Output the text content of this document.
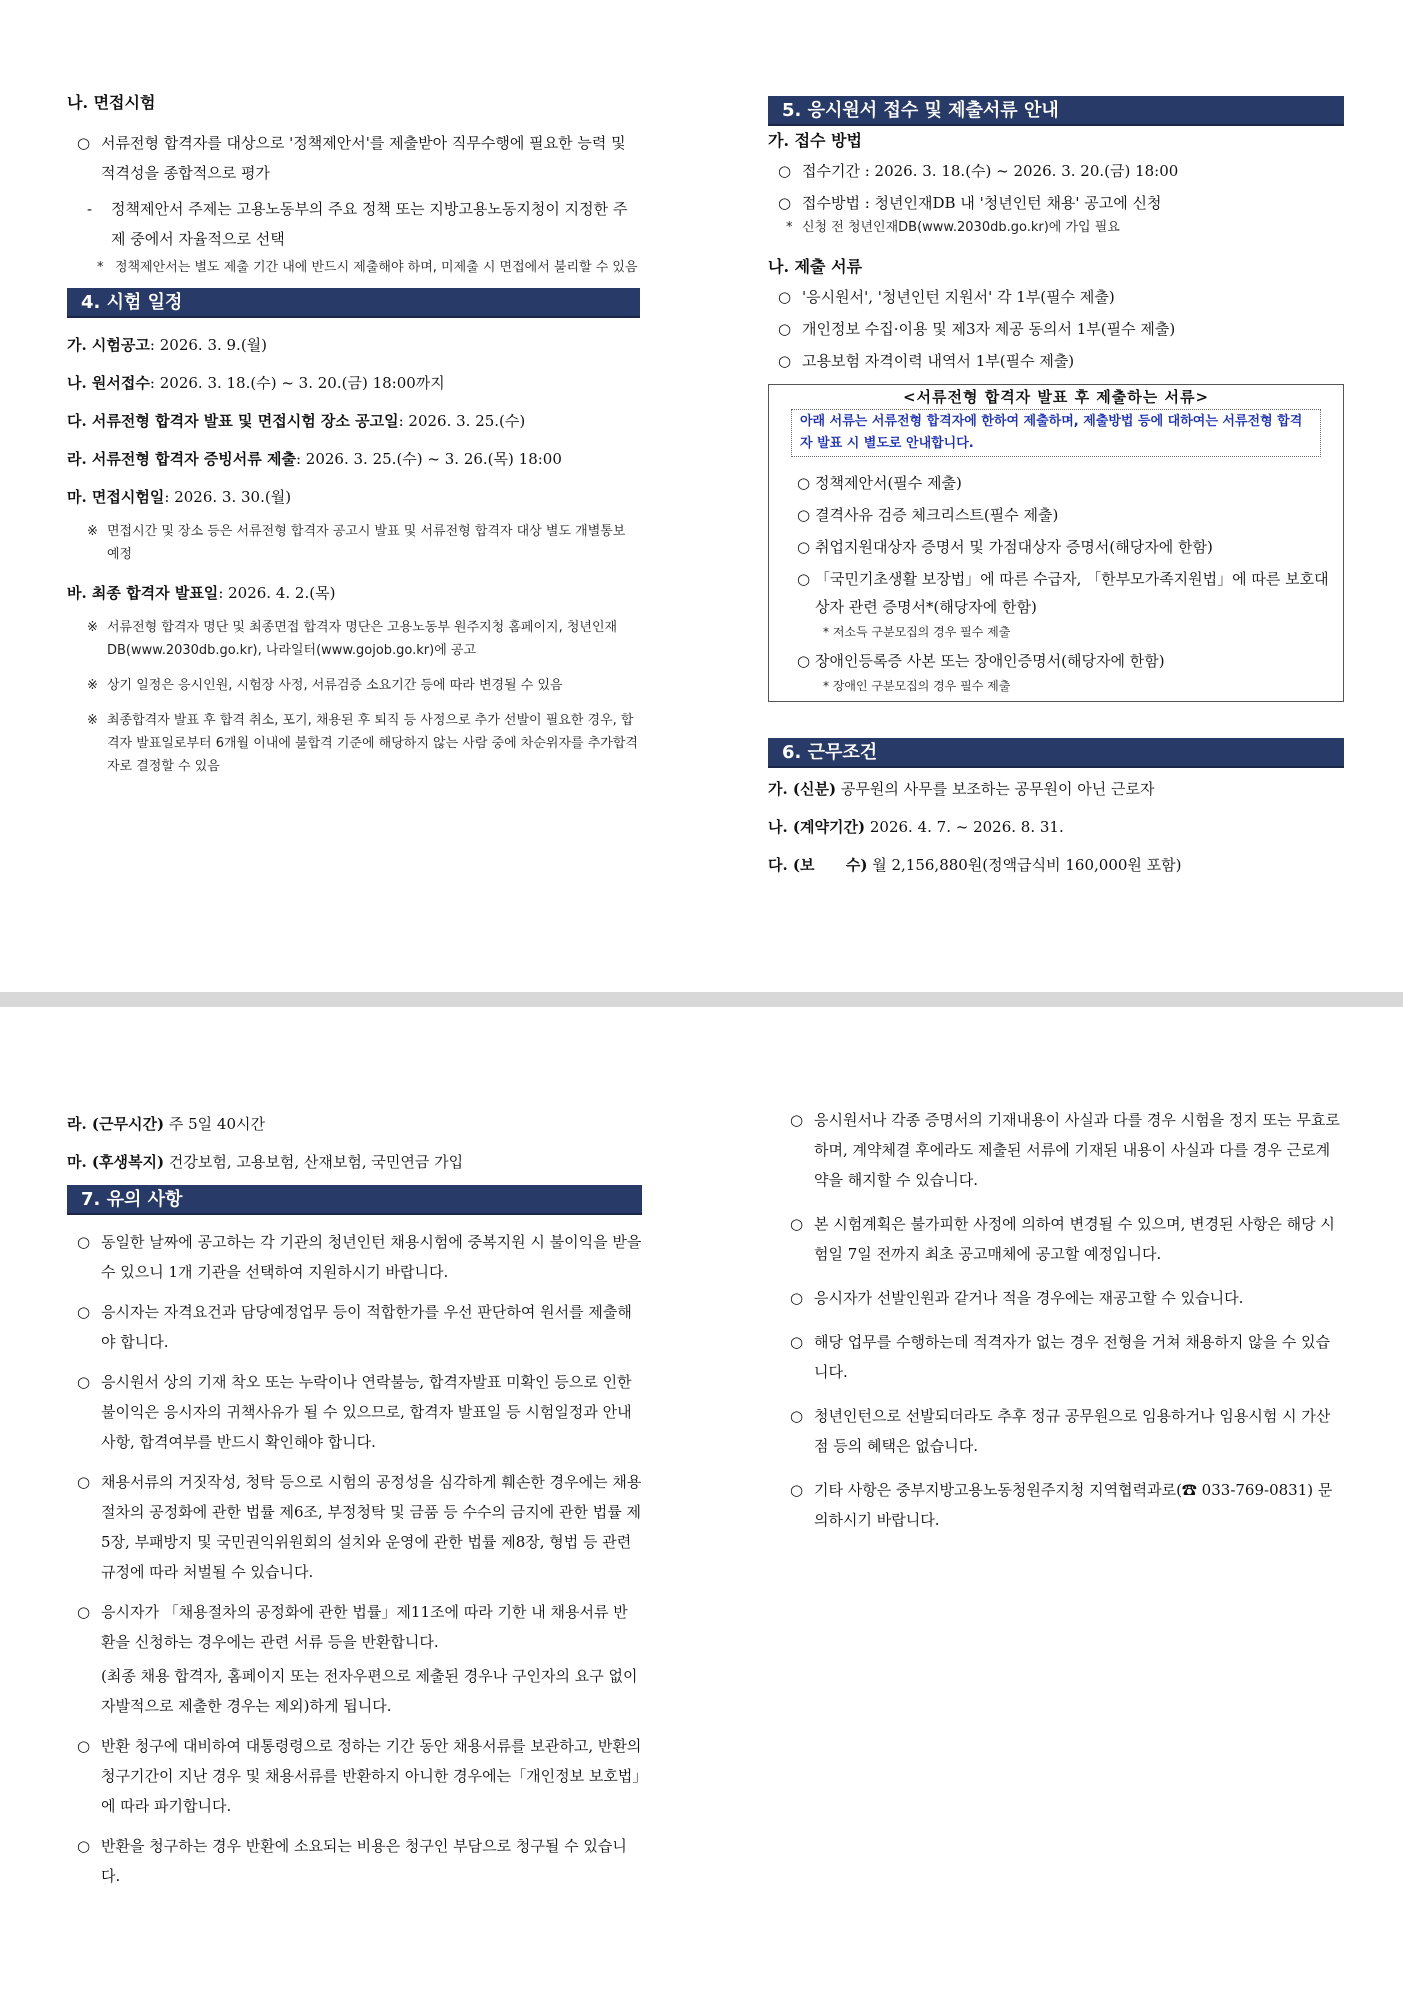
나. 면접시험
○ 서류전형 합격자를 대상으로 '정책제안서'를 제출받아 직무수행에 필요한 능력 및 적격성을 종합적으로 평가
- 정책제안서 주제는 고용노동부의 주요 정책 또는 지방고용노동지청이 지정한 주제 중에서 자율적으로 선택
* 정책제안서는 별도 제출 기간 내에 반드시 제출해야 하며, 미제출 시 면접에서 불리할 수 있음
4. 시험 일정
가. 시험공고: 2026. 3. 9.(월)
나. 원서접수: 2026. 3. 18.(수) ~ 3. 20.(금) 18:00까지
다. 서류전형 합격자 발표 및 면접시험 장소 공고일: 2026. 3. 25.(수)
라. 서류전형 합격자 증빙서류 제출: 2026. 3. 25.(수) ~ 3. 26.(목) 18:00
마. 면접시험일: 2026. 3. 30.(월)
※ 면접시간 및 장소 등은 서류전형 합격자 공고시 발표 및 서류전형 합격자 대상 별도 개별통보 예정
바. 최종 합격자 발표일: 2026. 4. 2.(목)
※ 서류전형 합격자 명단 및 최종면접 합격자 명단은 고용노동부 원주지청 홈페이지, 청년인재DB(www.2030db.go.kr), 나라일터(www.gojob.go.kr)에 공고
※ 상기 일정은 응시인원, 시험장 사정, 서류검증 소요기간 등에 따라 변경될 수 있음
※ 최종합격자 발표 후 합격 취소, 포기, 채용된 후 퇴직 등 사정으로 추가 선발이 필요한 경우, 합격자 발표일로부터 6개월 이내에 불합격 기준에 해당하지 않는 사람 중에 차순위자를 추가합격자로 결정할 수 있음
5. 응시원서 접수 및 제출서류 안내
가. 접수 방법
○ 접수기간 : 2026. 3. 18.(수) ~ 2026. 3. 20.(금) 18:00
○ 접수방법 : 청년인재DB 내 '청년인턴 채용' 공고에 신청
* 신청 전 청년인재DB(www.2030db.go.kr)에 가입 필요
나. 제출 서류
○ '응시원서', '청년인턴 지원서' 각 1부(필수 제출)
○ 개인정보 수집·이용 및 제3자 제공 동의서 1부(필수 제출)
○ 고용보험 자격이력 내역서 1부(필수 제출)
<서류전형 합격자 발표 후 제출하는 서류>
아래 서류는 서류전형 합격자에 한하여 제출하며, 제출방법 등에 대하여는 서류전형 합격자 발표 시 별도로 안내합니다.
○ 정책제안서(필수 제출)
○ 결격사유 검증 체크리스트(필수 제출)
○ 취업지원대상자 증명서 및 가점대상자 증명서(해당자에 한함)
○ 「국민기초생활 보장법」에 따른 수급자, 「한부모가족지원법」에 따른 보호대상자 관련 증명서*(해당자에 한함)
* 저소득 구분모집의 경우 필수 제출
○ 장애인등록증 사본 또는 장애인증명서(해당자에 한함)
* 장애인 구분모집의 경우 필수 제출
6. 근무조건
가. (신분) 공무원의 사무를 보조하는 공무원이 아닌 근로자
나. (계약기간) 2026. 4. 7. ~ 2026. 8. 31.
다. (보      수) 월 2,156,880원(정액급식비 160,000원 포함)
라. (근무시간) 주 5일 40시간
마. (후생복지) 건강보험, 고용보험, 산재보험, 국민연금 가입
7. 유의 사항
○ 동일한 날짜에 공고하는 각 기관의 청년인턴 채용시험에 중복지원 시 불이익을 받을 수 있으니 1개 기관을 선택하여 지원하시기 바랍니다.
○ 응시자는 자격요건과 담당예정업무 등이 적합한가를 우선 판단하여 원서를 제출해야 합니다.
○ 응시원서 상의 기재 착오 또는 누락이나 연락불능, 합격자발표 미확인 등으로 인한 불이익은 응시자의 귀책사유가 될 수 있으므로, 합격자 발표일 등 시험일정과 안내사항, 합격여부를 반드시 확인해야 합니다.
○ 채용서류의 거짓작성, 청탁 등으로 시험의 공정성을 심각하게 훼손한 경우에는 채용절차의 공정화에 관한 법률 제6조, 부정청탁 및 금품 등 수수의 금지에 관한 법률 제5장, 부패방지 및 국민권익위원회의 설치와 운영에 관한 법률 제8장, 형법 등 관련 규정에 따라 처벌될 수 있습니다.
○ 응시자가 「채용절차의 공정화에 관한 법률」제11조에 따라 기한 내 채용서류 반환을 신청하는 경우에는 관련 서류 등을 반환합니다.
(최종 채용 합격자, 홈페이지 또는 전자우편으로 제출된 경우나 구인자의 요구 없이 자발적으로 제출한 경우는 제외)하게 됩니다.
○ 반환 청구에 대비하여 대통령령으로 정하는 기간 동안 채용서류를 보관하고, 반환의 청구기간이 지난 경우 및 채용서류를 반환하지 아니한 경우에는「개인정보 보호법」에 따라 파기합니다.
○ 반환을 청구하는 경우 반환에 소요되는 비용은 청구인 부담으로 청구될 수 있습니다.
○ 응시원서나 각종 증명서의 기재내용이 사실과 다를 경우 시험을 정지 또는 무효로 하며, 계약체결 후에라도 제출된 서류에 기재된 내용이 사실과 다를 경우 근로계약을 해지할 수 있습니다.
○ 본 시험계획은 불가피한 사정에 의하여 변경될 수 있으며, 변경된 사항은 해당 시험일 7일 전까지 최초 공고매체에 공고할 예정입니다.
○ 응시자가 선발인원과 같거나 적을 경우에는 재공고할 수 있습니다.
○ 해당 업무를 수행하는데 적격자가 없는 경우 전형을 거쳐 채용하지 않을 수 있습니다.
○ 청년인턴으로 선발되더라도 추후 정규 공무원으로 임용하거나 임용시험 시 가산점 등의 혜택은 없습니다.
○ 기타 사항은 중부지방고용노동청원주지청 지역협력과로(☎ 033-769-0831) 문의하시기 바랍니다.
